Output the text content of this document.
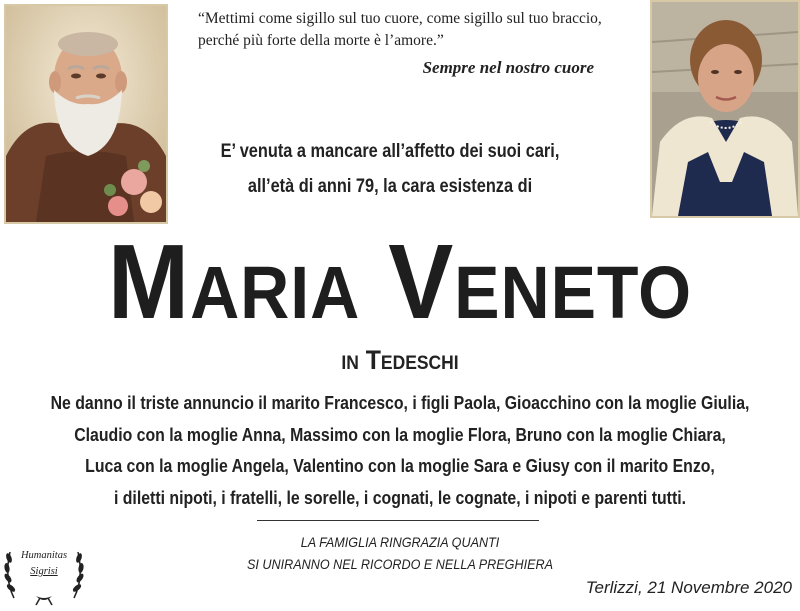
“Mettimi come sigillo sul tuo cuore, come sigillo sul tuo braccio,
perché più forte della morte è l’amore.”
Sempre nel nostro cuore
E’ venuta a mancare all’affetto dei suoi cari,
all’età di anni 79, la cara esistenza di
Maria Veneto
in Tedeschi
Ne danno il triste annuncio il marito Francesco, i figli Paola, Gioacchino con la moglie Giulia,
Claudio con la moglie Anna, Massimo con la moglie Flora, Bruno con la moglie Chiara,
Luca con la moglie Angela, Valentino con la moglie Sara e Giusy con il marito Enzo,
i diletti nipoti, i fratelli, le sorelle, i cognati, le cognate, i nipoti e parenti tutti.
LA FAMIGLIA RINGRAZIA QUANTI
SI UNIRANNO NEL RICORDO E NELLA PREGHIERA
Terlizzi, 21 Novembre 2020
Humanitas
Sigrisi
